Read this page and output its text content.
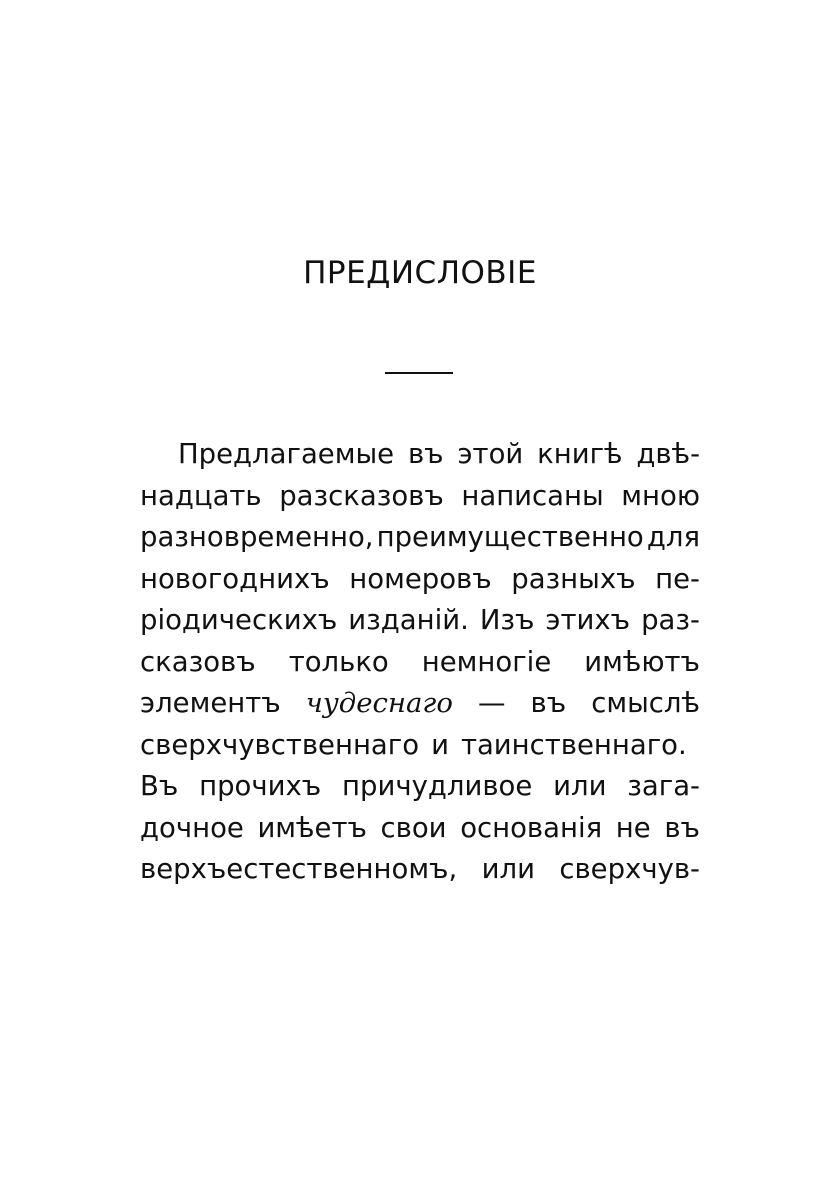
ПРЕДИСЛОВІЕ
Предлагаемые въ этой книгѣ двѣ-
надцать разсказовъ написаны мною
разновременно, преимущественно для
новогоднихъ номеровъ разныхъ пе-
ріодическихъ изданій. Изъ этихъ раз-
сказовъ только немногіе имѣютъ
элементъ чудеснаго — въ смыслѣ
сверхчувственнаго и таинственнаго.
Въ прочихъ причудливое или зага-
дочное имѣетъ свои основанія не въ
верхъестественномъ, или сверхчув-
